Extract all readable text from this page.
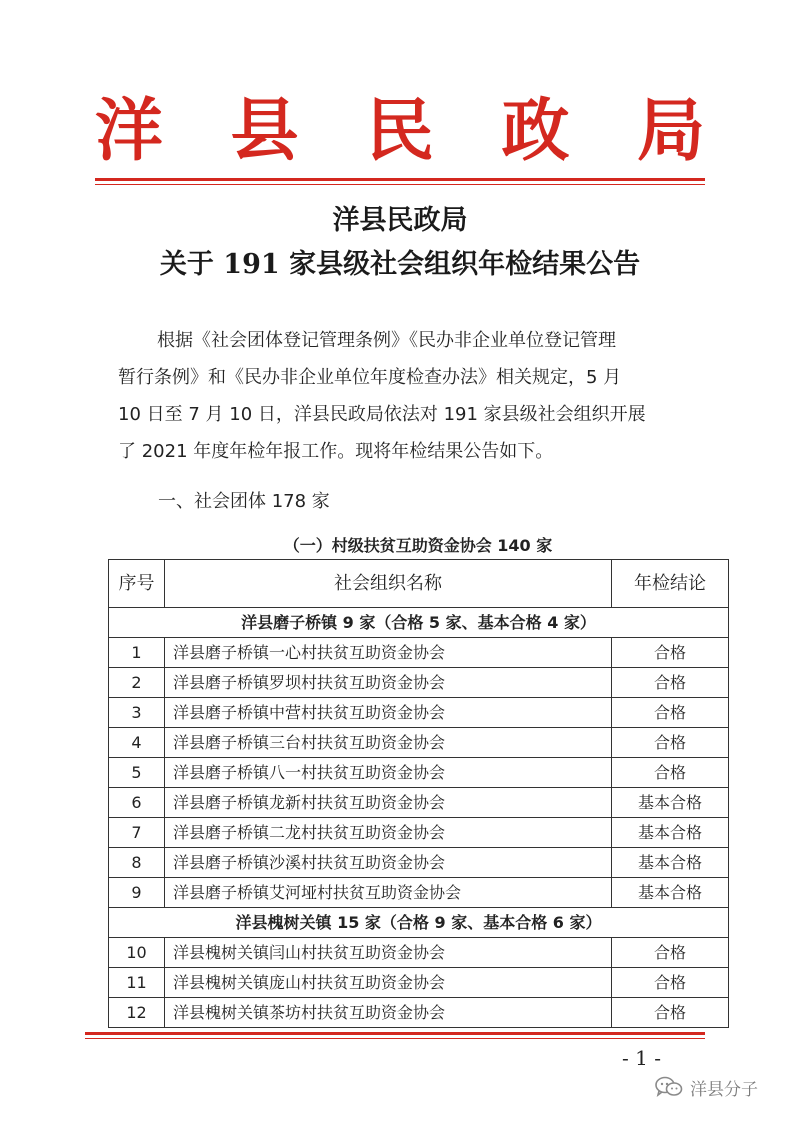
洋 县 民 政 局
洋县民政局
关于 191 家县级社会组织年检结果公告

根据《社会团体登记管理条例》《民办非企业单位登记管理

暂行条例》和《民办非企业单位年度检查办法》相关规定，5 月

10 日至 7 月 10 日，洋县民政局依法对 191 家县级社会组织开展

了 2021 年度年检年报工作。现将年检结果公告如下。

一、社会团体 178 家
（一）村级扶贫互助资金协会 140 家
序号	社会组织名称	年检结论
洋县磨子桥镇 9 家（合格 5 家、基本合格 4 家）		
1	洋县磨子桥镇一心村扶贫互助资金协会	合格
2	洋县磨子桥镇罗坝村扶贫互助资金协会	合格
3	洋县磨子桥镇中营村扶贫互助资金协会	合格
4	洋县磨子桥镇三台村扶贫互助资金协会	合格
5	洋县磨子桥镇八一村扶贫互助资金协会	合格
6	洋县磨子桥镇龙新村扶贫互助资金协会	基本合格
7	洋县磨子桥镇二龙村扶贫互助资金协会	基本合格
8	洋县磨子桥镇沙溪村扶贫互助资金协会	基本合格
9	洋县磨子桥镇艾河垭村扶贫互助资金协会	基本合格
洋县槐树关镇 15 家（合格 9 家、基本合格 6 家）		
10	洋县槐树关镇闫山村扶贫互助资金协会	合格
11	洋县槐树关镇庞山村扶贫互助资金协会	合格
12	洋县槐树关镇茶坊村扶贫互助资金协会	合格
- 1 -
洋县分子
